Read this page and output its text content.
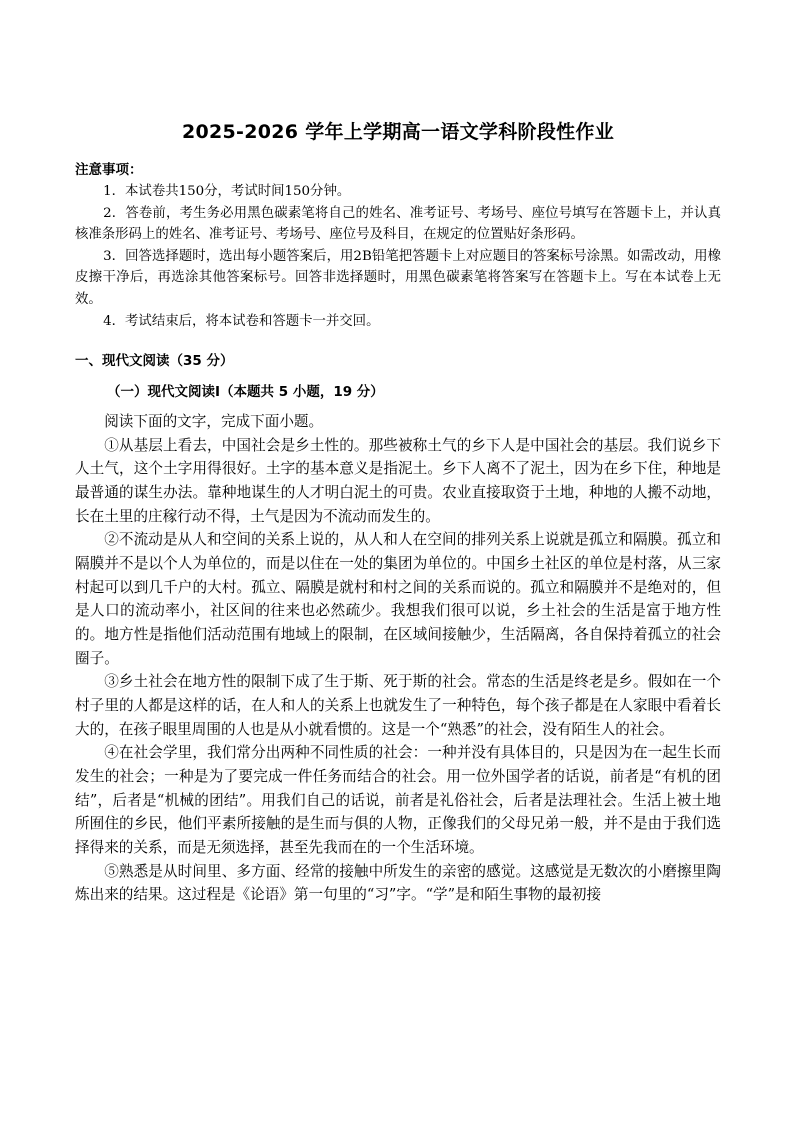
2025-2026 学年上学期高一语文学科阶段性作业

注意事项：

1．本试卷共150分，考试时间150分钟。

2．答卷前，考生务必用黑色碳素笔将自己的姓名、准考证号、考场号、座位号填写在答题卡上，并认真核准条形码上的姓名、准考证号、考场号、座位号及科目，在规定的位置贴好条形码。

3．回答选择题时，选出每小题答案后，用2B铅笔把答题卡上对应题目的答案标号涂黑。如需改动，用橡皮擦干净后，再选涂其他答案标号。回答非选择题时，用黑色碳素笔将答案写在答题卡上。写在本试卷上无效。

4．考试结束后，将本试卷和答题卡一并交回。

一、现代文阅读（35 分）

（一）现代文阅读Ⅰ（本题共 5 小题，19 分）

阅读下面的文字，完成下面小题。

①从基层上看去，中国社会是乡土性的。那些被称土气的乡下人是中国社会的基层。我们说乡下人土气，这个土字用得很好。土字的基本意义是指泥土。乡下人离不了泥土，因为在乡下住，种地是最普通的谋生办法。靠种地谋生的人才明白泥土的可贵。农业直接取资于土地，种地的人搬不动地，长在土里的庄稼行动不得，土气是因为不流动而发生的。

②不流动是从人和空间的关系上说的，从人和人在空间的排列关系上说就是孤立和隔膜。孤立和隔膜并不是以个人为单位的，而是以住在一处的集团为单位的。中国乡土社区的单位是村落，从三家村起可以到几千户的大村。孤立、隔膜是就村和村之间的关系而说的。孤立和隔膜并不是绝对的，但是人口的流动率小，社区间的往来也必然疏少。我想我们很可以说，乡土社会的生活是富于地方性的。地方性是指他们活动范围有地域上的限制，在区域间接触少，生活隔离，各自保持着孤立的社会圈子。

③乡土社会在地方性的限制下成了生于斯、死于斯的社会。常态的生活是终老是乡。假如在一个村子里的人都是这样的话，在人和人的关系上也就发生了一种特色，每个孩子都是在人家眼中看着长大的，在孩子眼里周围的人也是从小就看惯的。这是一个“熟悉”的社会，没有陌生人的社会。

④在社会学里，我们常分出两种不同性质的社会：一种并没有具体目的，只是因为在一起生长而发生的社会；一种是为了要完成一件任务而结合的社会。用一位外国学者的话说，前者是“有机的团结”，后者是“机械的团结”。用我们自己的话说，前者是礼俗社会，后者是法理社会。生活上被土地所囿住的乡民，他们平素所接触的是生而与俱的人物，正像我们的父母兄弟一般，并不是由于我们选择得来的关系，而是无须选择，甚至先我而在的一个生活环境。

⑤熟悉是从时间里、多方面、经常的接触中所发生的亲密的感觉。这感觉是无数次的小磨擦里陶炼出来的结果。这过程是《论语》第一句里的“习”字。“学”是和陌生事物的最初接
